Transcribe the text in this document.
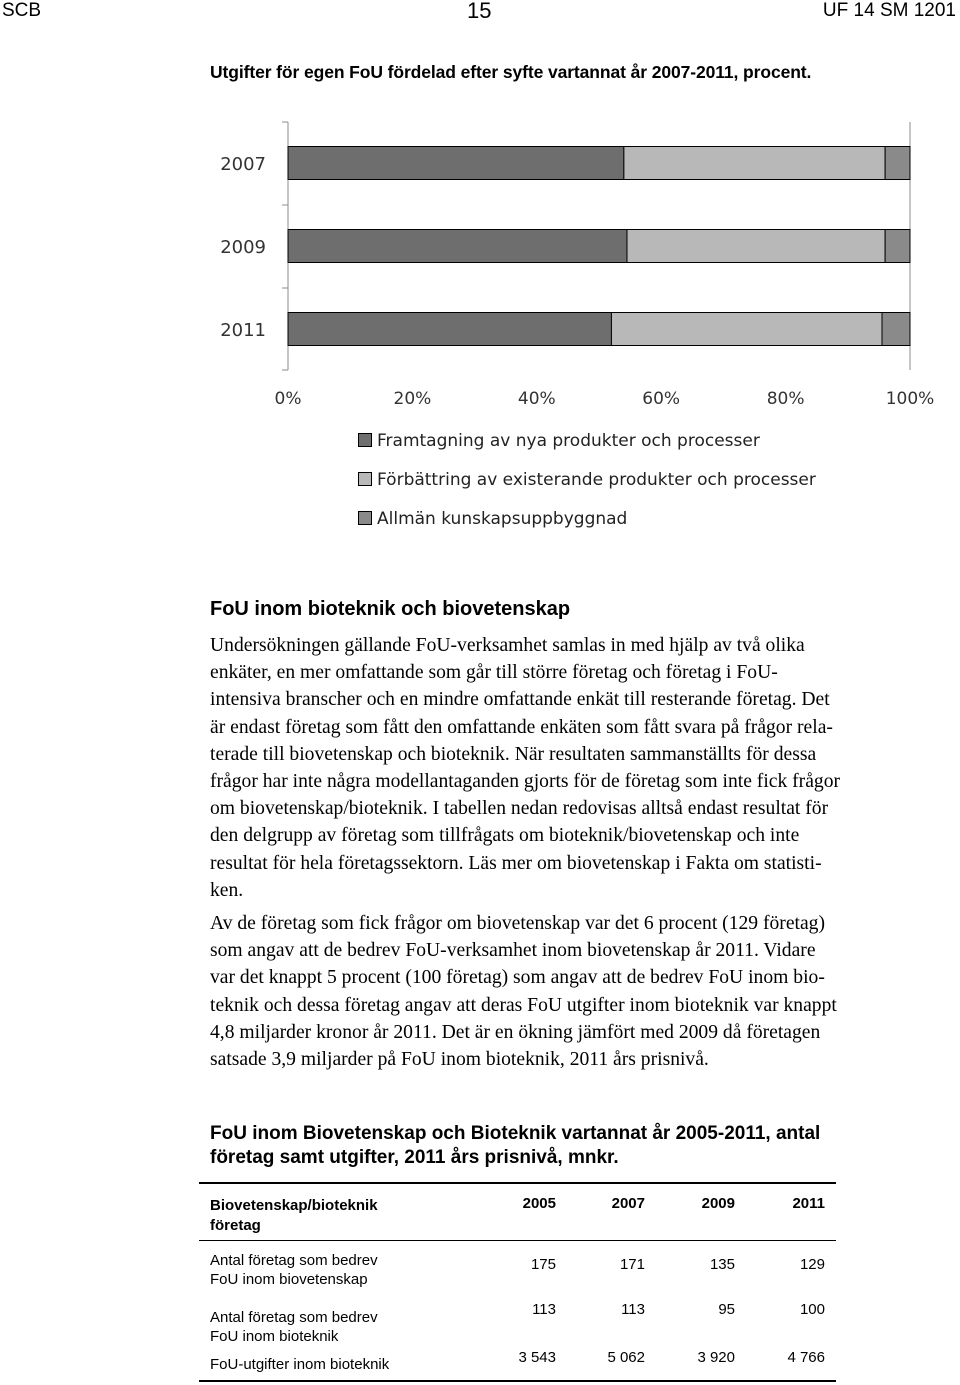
SCB	15	UF 14 SM 1201
Utgifter för egen FoU fördelad efter syfte vartannat år 2007-2011, procent.
2007
2009
2011
0%	20%	40%	60%	80%	100%
Framtagning av nya produkter och processer
Förbättring av existerande produkter och processer
Allmän kunskapsuppbyggnad
FoU inom bioteknik och biovetenskap
Undersökningen gällande FoU-verksamhet samlas in med hjälp av två olika
enkäter, en mer omfattande som går till större företag och företag i FoU-
intensiva branscher och en mindre omfattande enkät till resterande företag. Det
är endast företag som fått den omfattande enkäten som fått svara på frågor rela-
terade till biovetenskap och bioteknik. När resultaten sammanställts för dessa
frågor har inte några modellantaganden gjorts för de företag som inte fick frågor
om biovetenskap/bioteknik. I tabellen nedan redovisas alltså endast resultat för
den delgrupp av företag som tillfrågats om bioteknik/biovetenskap och inte
resultat för hela företagssektorn. Läs mer om biovetenskap i Fakta om statisti-
ken.
Av de företag som fick frågor om biovetenskap var det 6 procent (129 företag)
som angav att de bedrev FoU-verksamhet inom biovetenskap år 2011. Vidare
var det knappt 5 procent (100 företag) som angav att de bedrev FoU inom bio-
teknik och dessa företag angav att deras FoU utgifter inom bioteknik var knappt
4,8 miljarder kronor år 2011. Det är en ökning jämfört med 2009 då företagen
satsade 3,9 miljarder på FoU inom bioteknik, 2011 års prisnivå.
FoU inom Biovetenskap och Bioteknik vartannat år 2005-2011, antal
företag samt utgifter, 2011 års prisnivå, mnkr.
Biovetenskap/bioteknik
företag
2005	2007	2009	2011
Antal företag som bedrev
FoU inom biovetenskap
175	171	135	129
Antal företag som bedrev
FoU inom bioteknik
113	113	95	100
FoU-utgifter inom bioteknik	3 543	5 062	3 920	4 766
